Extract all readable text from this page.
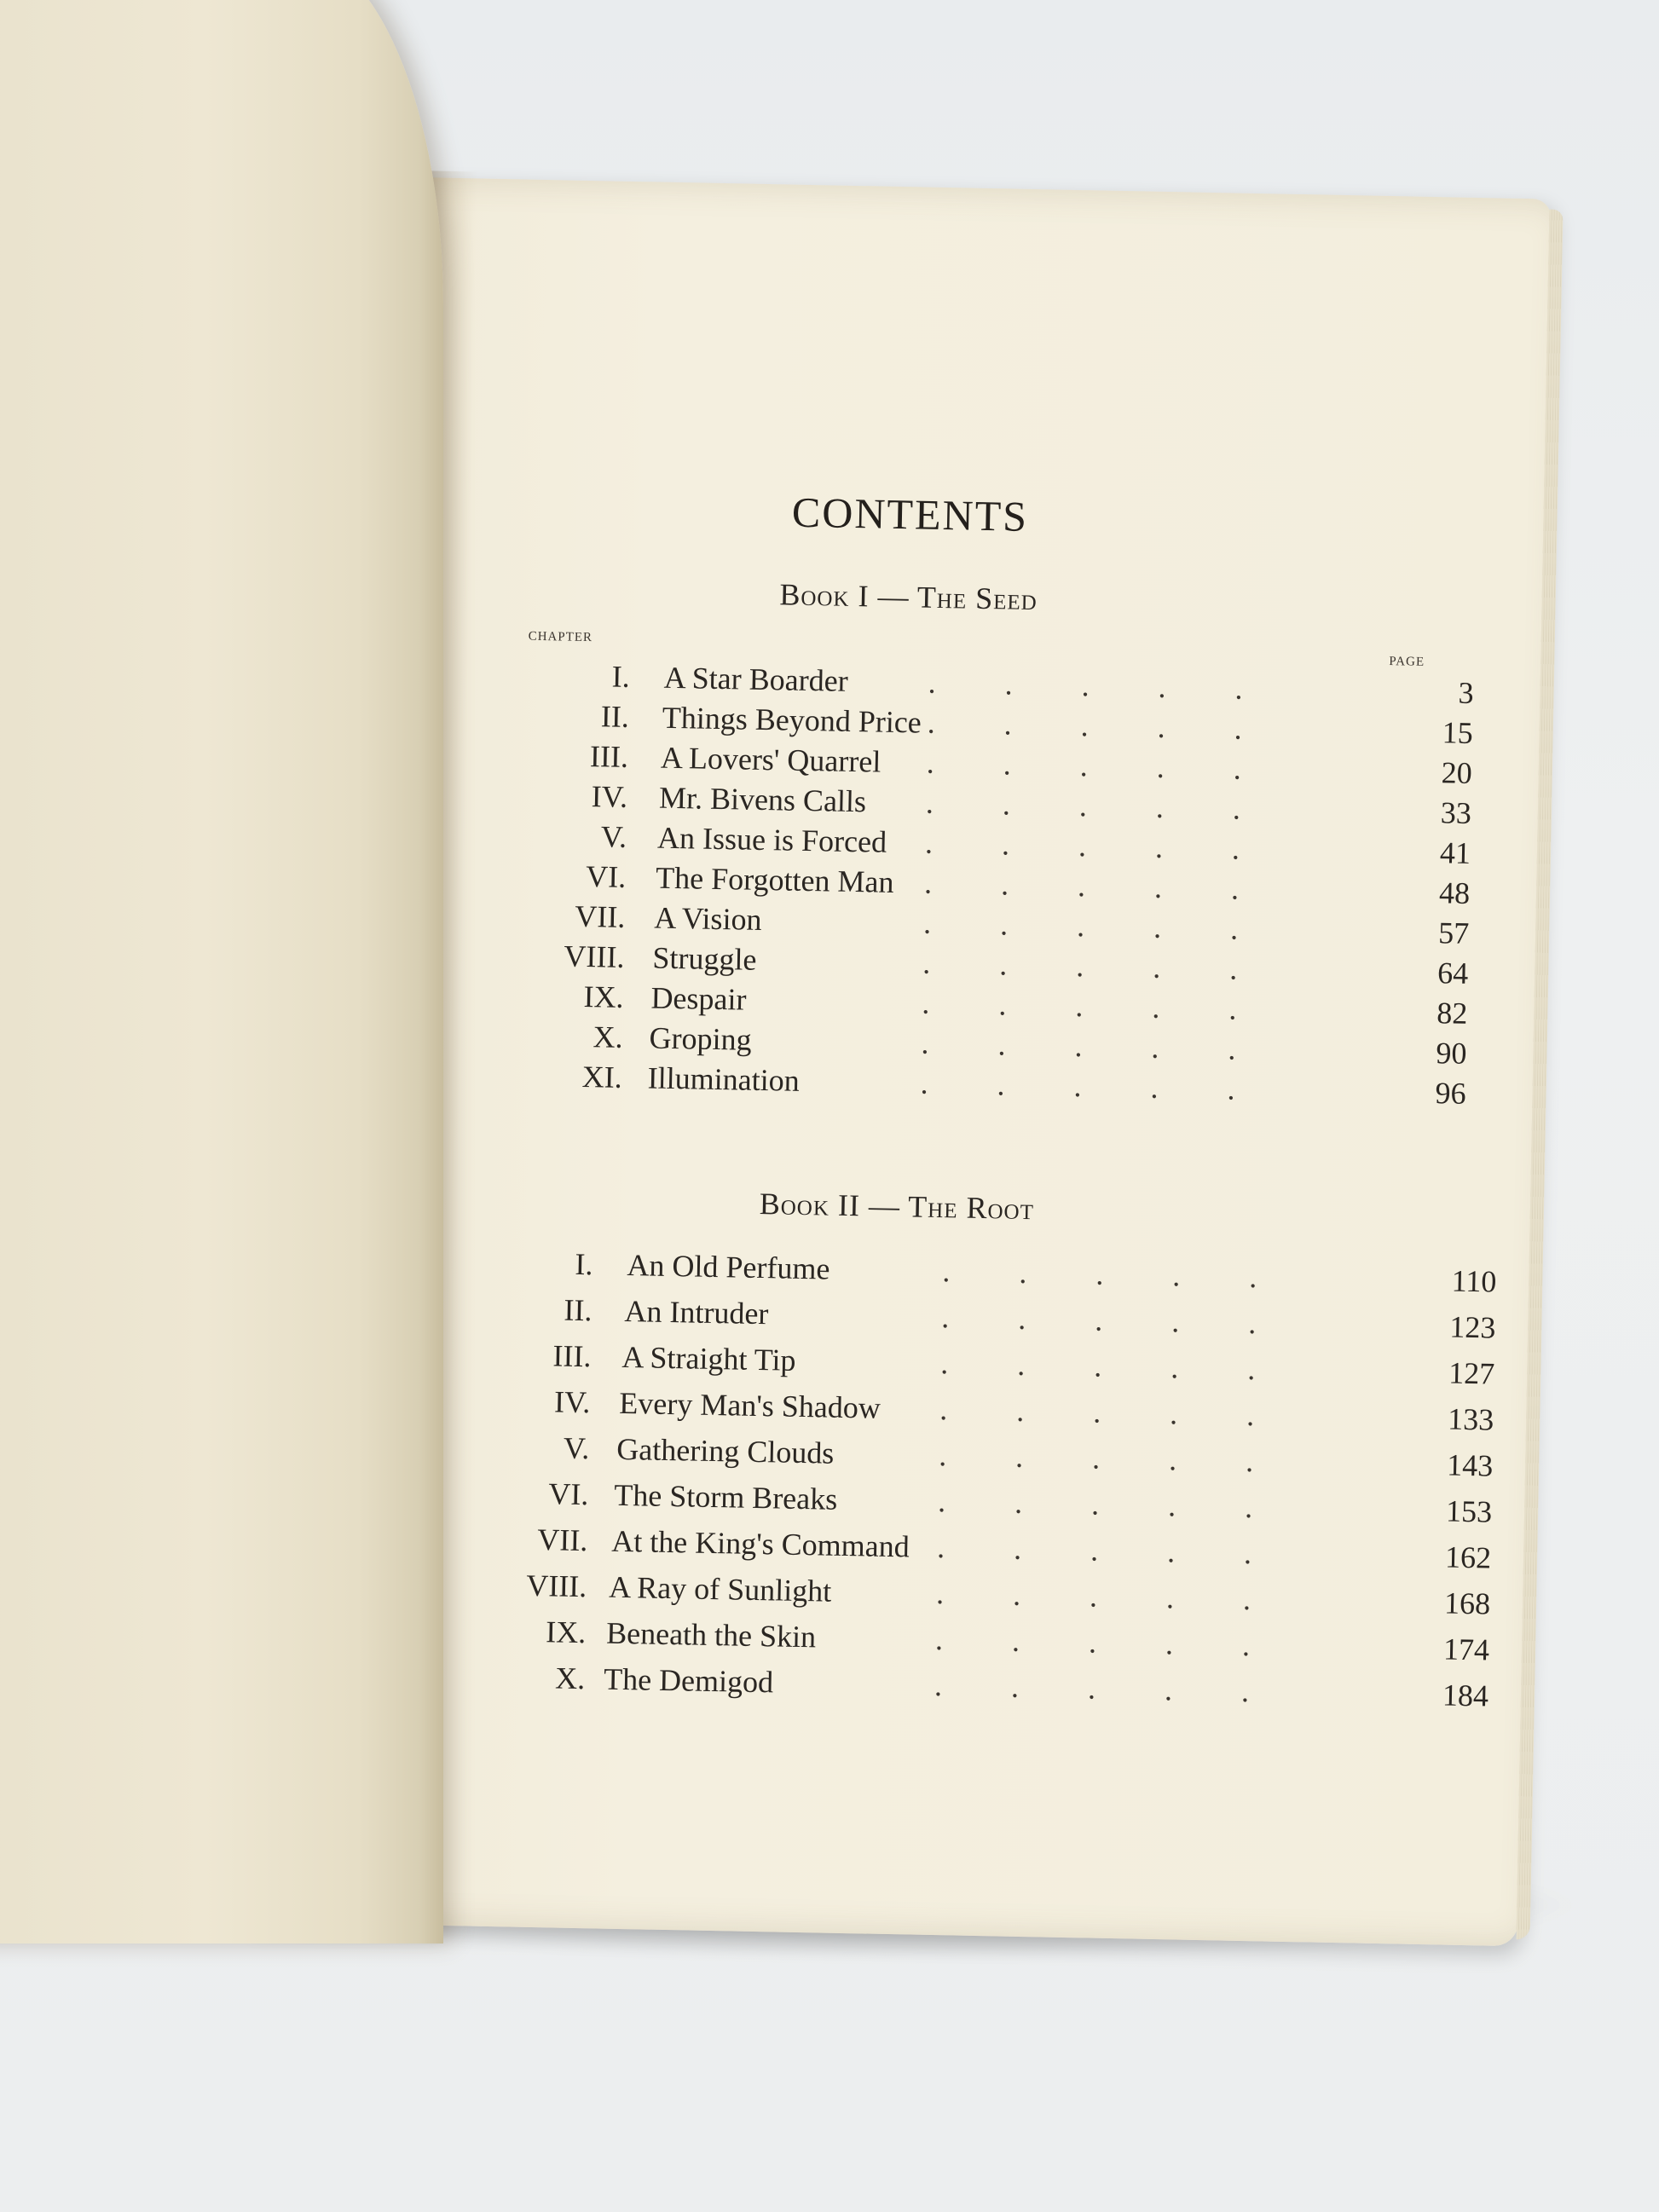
CONTENTS
Book I — The Seed
CHAPTER
PAGE
I. A Star Boarder	.         .         .         .         .	3
II. Things Beyond Price .         .         .         .         .	15
III. A Lovers' Quarrel .         .         .         .         .	20
IV. Mr. Bivens Calls .         .         .         .         .	33
V. An Issue is Forced .         .         .         .         .	41
VI. The Forgotten Man .         .         .         .         .	48
VII. A Vision	.         .         .         .         .	57
VIII. Struggle	.         .         .         .         .	64
IX. Despair	.         .         .         .         .	82
X. Groping	.         .         .         .         .	90
XI. Illumination	.         .         .         .         .	96
Book II — The Root
I. An Old Perfume	.         .         .         .         .	110
II. An Intruder	.         .         .         .         .	123
III. A Straight Tip	.         .         .         .         .	127
IV. Every Man's Shadow .         .         .         .         .	133
V. Gathering Clouds	.         .         .         .         .	143
VI. The Storm Breaks	.         .         .         .         .	153
VII. At the King's Command .         .         .         .         .	162
VIII. A Ray of Sunlight	.         .         .         .         .	168
IX. Beneath the Skin	.         .         .         .         .	174
X. The Demigod	.         .         .         .         .	184
